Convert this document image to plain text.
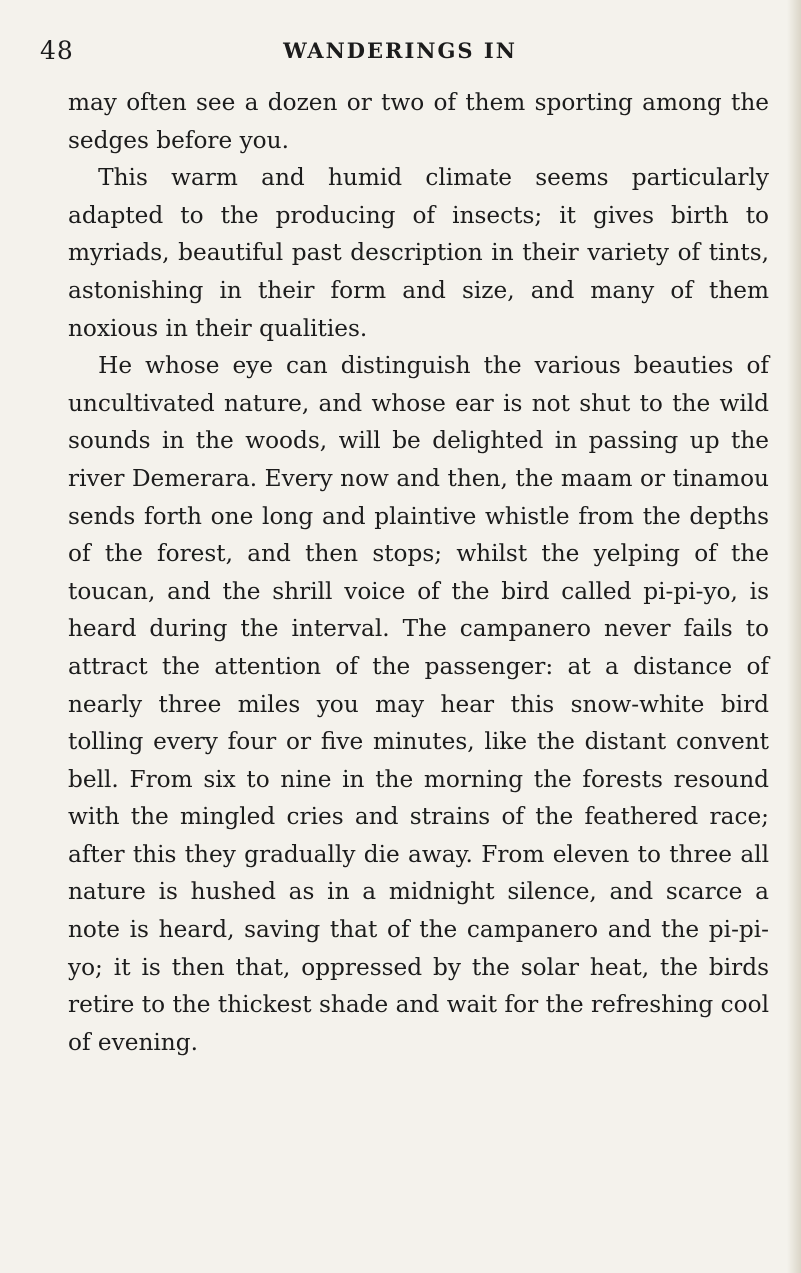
48	WANDERINGS IN
may often see a dozen or two of them sporting among the sedges before you.
This warm and humid climate seems particularly adapted to the producing of insects; it gives birth to myriads, beautiful past description in their variety of tints, astonishing in their form and size, and many of them noxious in their qualities.
He whose eye can distinguish the various beauties of uncultivated nature, and whose ear is not shut to the wild sounds in the woods, will be delighted in passing up the river Demerara. Every now and then, the maam or tinamou sends forth one long and plaintive whistle from the depths of the forest, and then stops; whilst the yelping of the toucan, and the shrill voice of the bird called pi-pi-yo, is heard during the interval. The campanero never fails to attract the attention of the passenger: at a distance of nearly three miles you may hear this snow-white bird tolling every four or five minutes, like the distant convent bell. From six to nine in the morning the forests resound with the mingled cries and strains of the feathered race; after this they gradually die away. From eleven to three all nature is hushed as in a midnight silence, and scarce a note is heard, saving that of the campanero and the pi-pi-yo; it is then that, oppressed by the solar heat, the birds retire to the thickest shade and wait for the refreshing cool of evening.
